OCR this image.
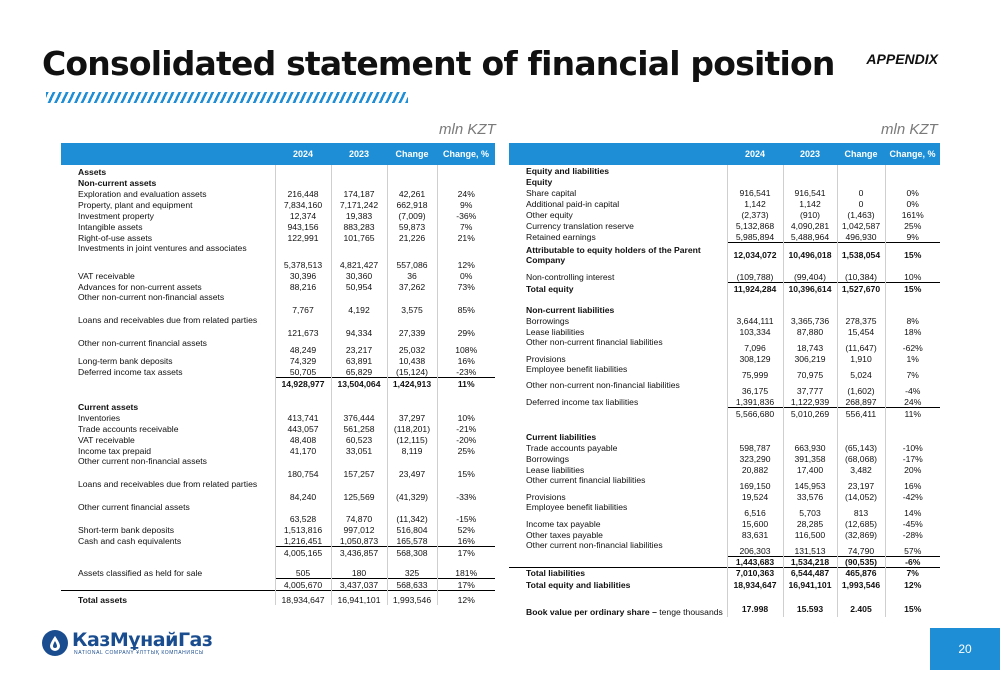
Consolidated statement of financial position APPENDIX
mln KZT	mln KZT
2024	2023	Change	Change, %
Assets				
Non-current assets				
Exploration and evaluation assets	216,448	174,187	42,261	24%
Property, plant and equipment	7,834,160	7,171,242	662,918	9%
Investment property	12,374	19,383	(7,009)	-36%
Intangible assets	943,156	883,283	59,873	7%
Right-of-use assets	122,991	101,765	21,226	21%
Investments in joint ventures and associates	5,378,513	4,821,427	557,086	12%
VAT receivable	30,396	30,360	36	0%
Advances for non-current assets	88,216	50,954	37,262	73%
Other non-current non-financial assets	7,767	4,192	3,575	85%
Loans and receivables due from related parties	121,673	94,334	27,339	29%
Other non-current financial assets	48,249	23,217	25,032	108%
Long-term bank deposits	74,329	63,891	10,438	16%
Deferred income tax assets	50,705	65,829	(15,124)	-23%
	14,928,977	13,504,064	1,424,913	11%

Current assets				
Inventories	413,741	376,444	37,297	10%
Trade accounts receivable	443,057	561,258	(118,201)	-21%
VAT receivable	48,408	60,523	(12,115)	-20%
Income tax prepaid	41,170	33,051	8,119	25%
Other current non-financial assets	180,754	157,257	23,497	15%
Loans and receivables due from related parties	84,240	125,569	(41,329)	-33%
Other current financial assets	63,528	74,870	(11,342)	-15%
Short-term bank deposits	1,513,816	997,012	516,804	52%
Cash and cash equivalents	1,216,451	1,050,873	165,578	16%
	4,005,165	3,436,857	568,308	17%
Assets classified as held for sale	505	180	325	181%
	4,005,670	3,437,037	568,633	17%
Total assets	18,934,647	16,941,101	1,993,546	12%
2024	2023	Change	Change, %
Equity and liabilities				
Equity				
Share capital	916,541	916,541	0	0%
Additional paid-in capital	1,142	1,142	0	0%
Other equity	(2,373)	(910)	(1,463)	161%
Currency translation reserve	5,132,868	4,090,281	1,042,587	25%
Retained earnings	5,985,894	5,488,964	496,930	9%
Attributable to equity holders of the Parent Company	12,034,072	10,496,018	1,538,054	15%
Non-controlling interest	(109,788)	(99,404)	(10,384)	10%
Total equity	11,924,284	10,396,614	1,527,670	15%

Non-current liabilities				
Borrowings	3,644,111	3,365,736	278,375	8%
Lease liabilities	103,334	87,880	15,454	18%
Other non-current financial liabilities	7,096	18,743	(11,647)	-62%
Provisions	308,129	306,219	1,910	1%
Employee benefit liabilities	75,999	70,975	5,024	7%
Other non-current non-financial liabilities	36,175	37,777	(1,602)	-4%
Deferred income tax liabilities	1,391,836	1,122,939	268,897	24%
	5,566,680	5,010,269	556,411	11%

Current liabilities				
Trade accounts payable	598,787	663,930	(65,143)	-10%
Borrowings	323,290	391,358	(68,068)	-17%
Lease liabilities	20,882	17,400	3,482	20%
Other current financial liabilities	169,150	145,953	23,197	16%
Provisions	19,524	33,576	(14,052)	-42%
Employee benefit liabilities	6,516	5,703	813	14%
Income tax payable	15,600	28,285	(12,685)	-45%
Other taxes payable	83,631	116,500	(32,869)	-28%
Other current non-financial liabilities	206,303	131,513	74,790	57%
	1,443,683	1,534,218	(90,535)	-6%
Total liabilities	7,010,363	6,544,487	465,876	7%
Total equity and liabilities	18,934,647	16,941,101	1,993,546	12%

Book value per ordinary share – tenge thousands	17.998	15.593	2.405	15%
КазМұнайГаз
NATIONAL COMPANY ҰЛТТЫҚ КОМПАНИЯСЫ	20
